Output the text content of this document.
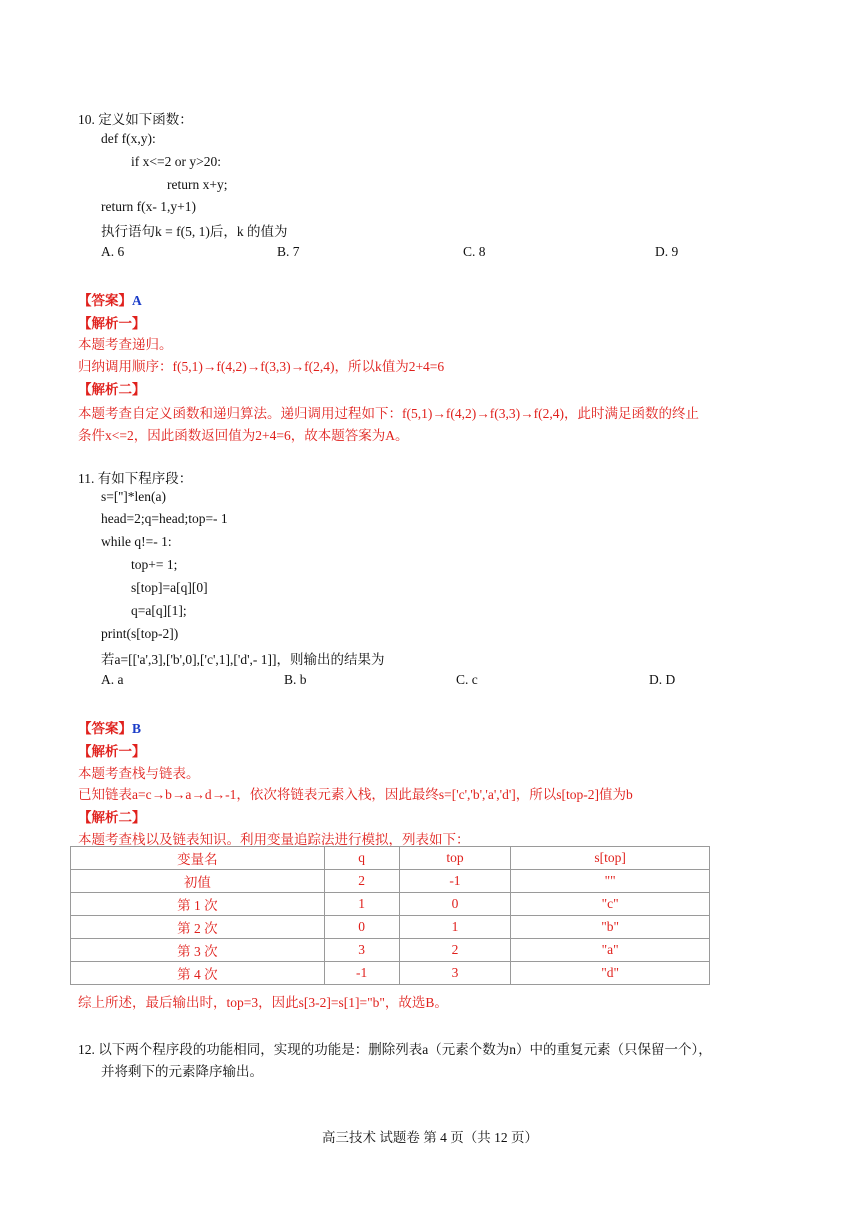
10. 定义如下函数：
def f(x,y):
if x<=2 or y>20:
return x+y;
return f(x- 1,y+1)
执行语句k = f(5, 1)后，k 的值为
A. 6	B. 7	C. 8	D. 9
【答案】A
【解析一】
本题考查递归。
归纳调用顺序：f(5,1)→f(4,2)→f(3,3)→f(2,4)，所以k值为2+4=6
【解析二】
本题考查自定义函数和递归算法。递归调用过程如下：f(5,1)→f(4,2)→f(3,3)→f(2,4)，此时满足函数的终止
条件x<=2，因此函数返回值为2+4=6，故本题答案为A。
11. 有如下程序段：
s=['']*len(a)
head=2;q=head;top=- 1
while q!=- 1:
top+= 1;
s[top]=a[q][0]
q=a[q][1];
print(s[top-2])
若a=[['a',3],['b',0],['c',1],['d',- 1]]，则输出的结果为
A. a	B. b	C. c	D. D
【答案】B
【解析一】
本题考查栈与链表。
已知链表a=c→b→a→d→-1，依次将链表元素入栈，因此最终s=['c','b','a','d']，所以s[top-2]值为b
【解析二】
本题考查栈以及链表知识。利用变量追踪法进行模拟，列表如下：
变量名	q	top	s[top]
初值	2	-1	""
第 1 次	1	0	"c"
第 2 次	0	1	"b"
第 3 次	3	2	"a"
第 4 次	-1	3	"d"
综上所述，最后输出时，top=3，因此s[3-2]=s[1]="b"，故选B。
12. 以下两个程序段的功能相同，实现的功能是：删除列表a（元素个数为n）中的重复元素（只保留一个），
并将剩下的元素降序输出。
高三技术 试题卷 第 4 页（共 12 页）
